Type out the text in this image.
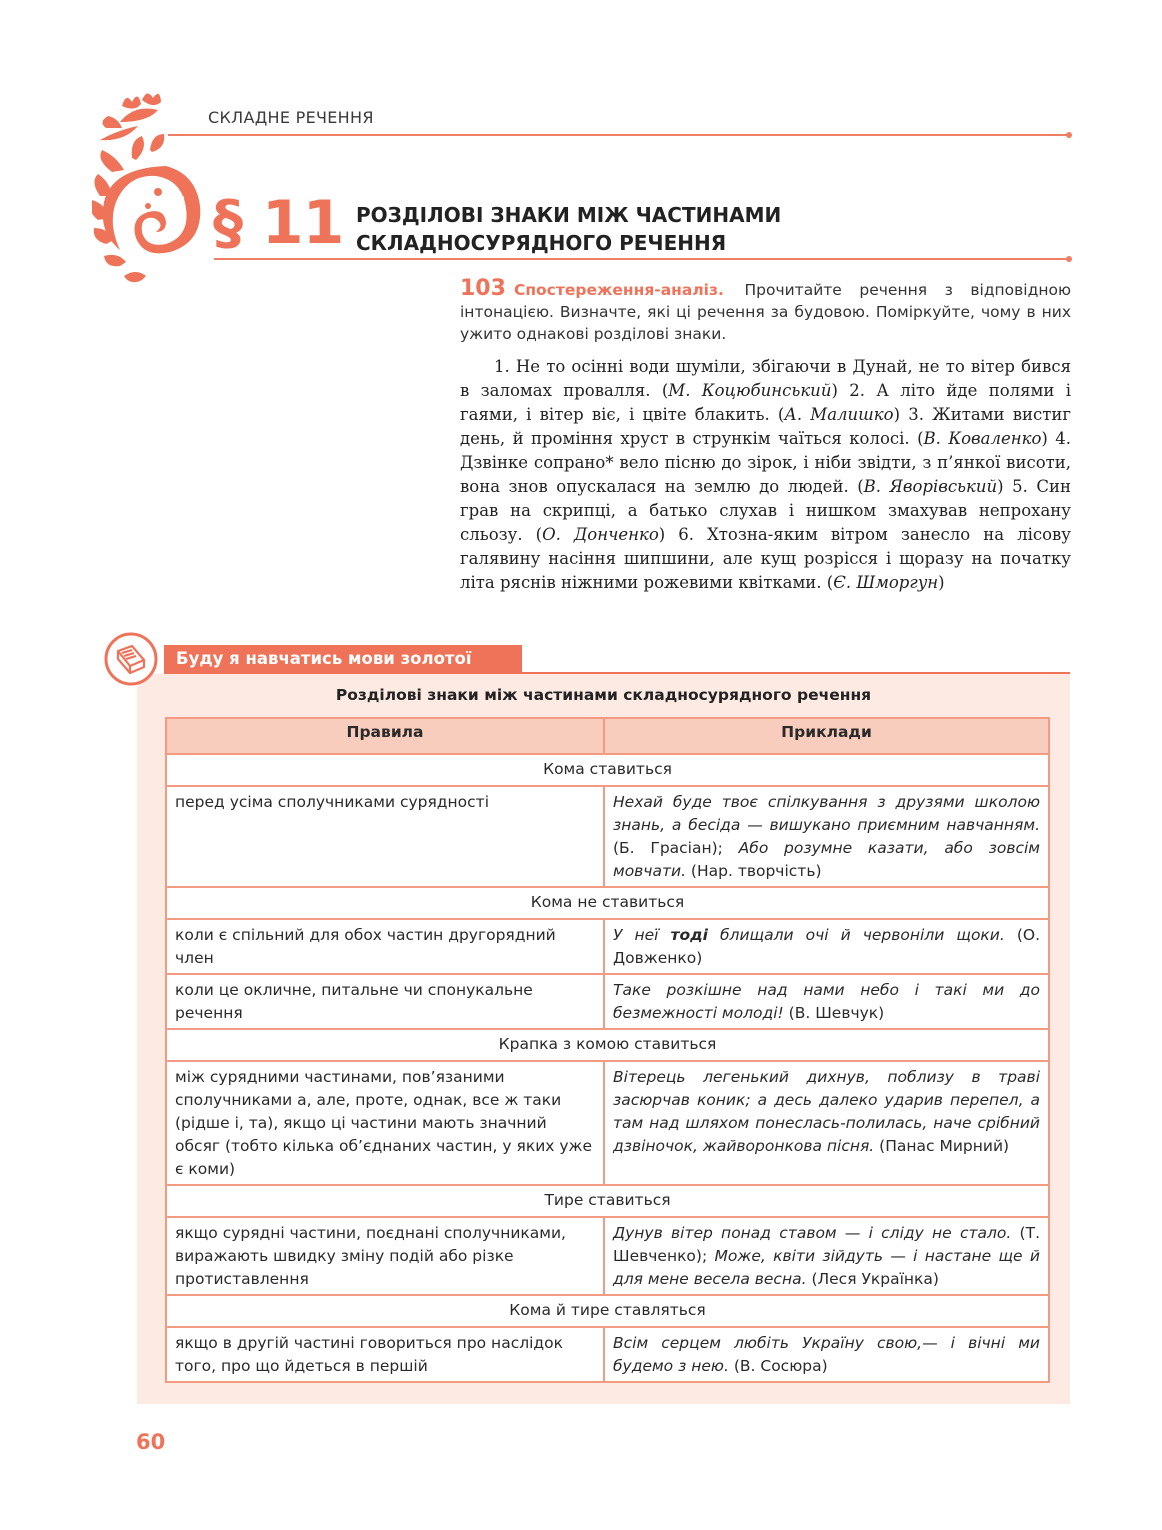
СКЛАДНЕ РЕЧЕННЯ
§ 11 РОЗДІЛОВІ ЗНАКИ МІЖ ЧАСТИНАМИ
СКЛАДНОСУРЯДНОГО РЕЧЕННЯ
103 Спостереження-аналіз. Прочитайте речення з відповідною інтонацією. Визначте, які ці речення за будовою. Поміркуйте, чому в них ужито однакові розділові знаки.
1. Не то осінні води шуміли, збігаючи в Дунай, не то вітер бився в заломах провалля. (М. Коцюбинський) 2. А літо йде полями і гаями, і вітер віє, і цвіте блакить. (А. Малишко) 3. Житами вистиг день, й проміння хруст в стрункім чаїться колосі. (В. Коваленко) 4. Дзвінке сопрано* вело пісню до зірок, і ніби звідти, з п’янкої висоти, вона знов опускалася на землю до людей. (В. Яворівський) 5. Син грав на скрипці, а батько слухав і нишком змахував непрохану сльозу. (О. Донченко) 6. Хтозна-яким вітром занесло на лісову галявину насіння шипшини, але кущ розрісся і щоразу на початку літа ряснів ніжними рожевими квітками. (Є. Шморгун)
Буду я навчатись мови золотої
Розділові знаки між частинами складносурядного речення
Правила	Приклади
Кома ставиться	
перед усіма сполучниками сурядності	Нехай буде твоє спілкування з друзями школою знань, а бесіда — вишукано приємним навчанням. (Б. Грасіан); Або розумне казати, або зовсім мовчати. (Нар. творчість)
Кома не ставиться	
коли є спільний для обох частин другорядний член	У неї тоді блищали очі й червоніли щоки. (О. Довженко)
коли це окличне, питальне чи спонукальне речення	Таке розкішне над нами небо і такі ми до безмежності молоді! (В. Шевчук)
Крапка з комою ставиться	
між сурядними частинами, пов’язаними сполучниками а, але, проте, однак, все ж таки (рідше і, та), якщо ці частини мають значний обсяг (тобто кілька об’єднаних частин, у яких уже є коми)	Вітерець легенький дихнув, поблизу в траві засюрчав коник; а десь далеко ударив перепел, а там над шляхом понеслась-полилась, наче срібний дзвіночок, жайворонкова пісня. (Панас Мирний)
Тире ставиться	
якщо сурядні частини, поєднані сполучниками, виражають швидку зміну подій або різке протиставлення	Дунув вітер понад ставом — і сліду не стало. (Т. Шевченко); Може, квіти зійдуть — і настане ще й для мене весела весна. (Леся Українка)
Кома й тире ставляться	
якщо в другій частині говориться про наслідок того, про що йдеться в першій	Всім серцем любіть Україну свою,— і вічні ми будемо з нею. (В. Сосюра)
60
